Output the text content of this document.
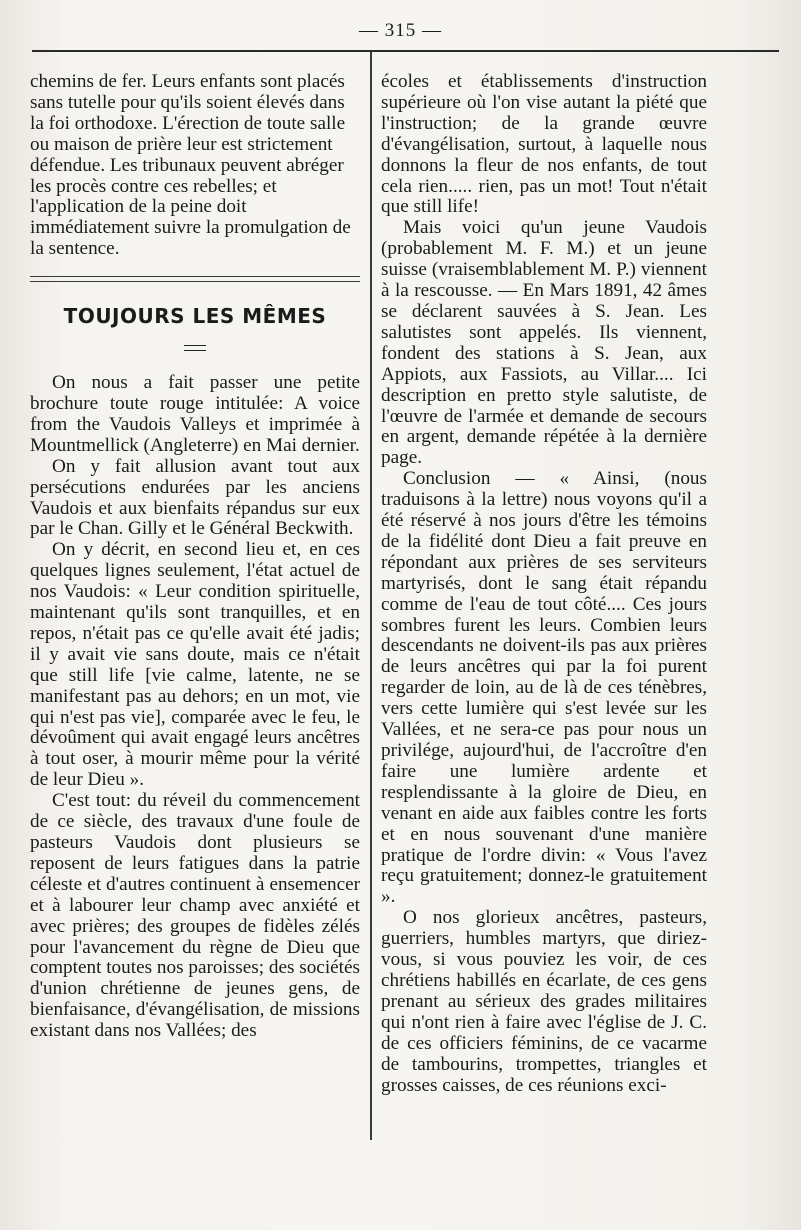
— 315 —

chemins de fer. Leurs enfants sont placés sans tutelle pour qu'ils soient élevés dans la foi orthodoxe. L'érection de toute salle ou maison de prière leur est strictement défendue. Les tribunaux peuvent abréger les procès contre ces rebelles; et l'application de la peine doit immédiatement suivre la promulgation de la sentence.

TOUJOURS LES MÊMES

On nous a fait passer une petite brochure toute rouge intitulée: A voice from the Vaudois Valleys et imprimée à Mountmellick (Angleterre) en Mai dernier.

On y fait allusion avant tout aux persécutions endurées par les anciens Vaudois et aux bienfaits répandus sur eux par le Chan. Gilly et le Général Beckwith.

On y décrit, en second lieu et, en ces quelques lignes seulement, l'état actuel de nos Vaudois: « Leur condition spirituelle, maintenant qu'ils sont tranquilles, et en repos, n'était pas ce qu'elle avait été jadis; il y avait vie sans doute, mais ce n'était que still life [vie calme, latente, ne se manifestant pas au dehors; en un mot, vie qui n'est pas vie], comparée avec le feu, le dévoûment qui avait engagé leurs ancêtres à tout oser, à mourir même pour la vérité de leur Dieu ».

C'est tout: du réveil du commencement de ce siècle, des travaux d'une foule de pasteurs Vaudois dont plusieurs se reposent de leurs fatigues dans la patrie céleste et d'autres continuent à ensemencer et à labourer leur champ avec anxiété et avec prières; des groupes de fidèles zélés pour l'avancement du règne de Dieu que comptent toutes nos paroisses; des sociétés d'union chrétienne de jeunes gens, de bienfaisance, d'évangélisation, de missions existant dans nos Vallées; des

écoles et établissements d'instruction supérieure où l'on vise autant la piété que l'instruction; de la grande œuvre d'évangélisation, surtout, à laquelle nous donnons la fleur de nos enfants, de tout cela rien..... rien, pas un mot! Tout n'était que still life!

Mais voici qu'un jeune Vaudois (probablement M. F. M.) et un jeune suisse (vraisemblablement M. P.) viennent à la rescousse. — En Mars 1891, 42 âmes se déclarent sauvées à S. Jean. Les salutistes sont appelés. Ils viennent, fondent des stations à S. Jean, aux Appiots, aux Fassiots, au Villar.... Ici description en pretto style salutiste, de l'œuvre de l'armée et demande de secours en argent, demande répétée à la dernière page.

Conclusion — « Ainsi, (nous traduisons à la lettre) nous voyons qu'il a été réservé à nos jours d'être les témoins de la fidélité dont Dieu a fait preuve en répondant aux prières de ses serviteurs martyrisés, dont le sang était répandu comme de l'eau de tout côté.... Ces jours sombres furent les leurs. Combien leurs descendants ne doivent-ils pas aux prières de leurs ancêtres qui par la foi purent regarder de loin, au de là de ces ténèbres, vers cette lumière qui s'est levée sur les Vallées, et ne sera-ce pas pour nous un privilége, aujourd'hui, de l'accroître d'en faire une lumière ardente et resplendissante à la gloire de Dieu, en venant en aide aux faibles contre les forts et en nous souvenant d'une manière pratique de l'ordre divin: « Vous l'avez reçu gratuitement; donnez-le gratuitement ».

O nos glorieux ancêtres, pasteurs, guerriers, humbles martyrs, que diriez-vous, si vous pouviez les voir, de ces chrétiens habillés en écarlate, de ces gens prenant au sérieux des grades militaires qui n'ont rien à faire avec l'église de J. C. de ces officiers féminins, de ce vacarme de tambourins, trompettes, triangles et grosses caisses, de ces réunions exci-
